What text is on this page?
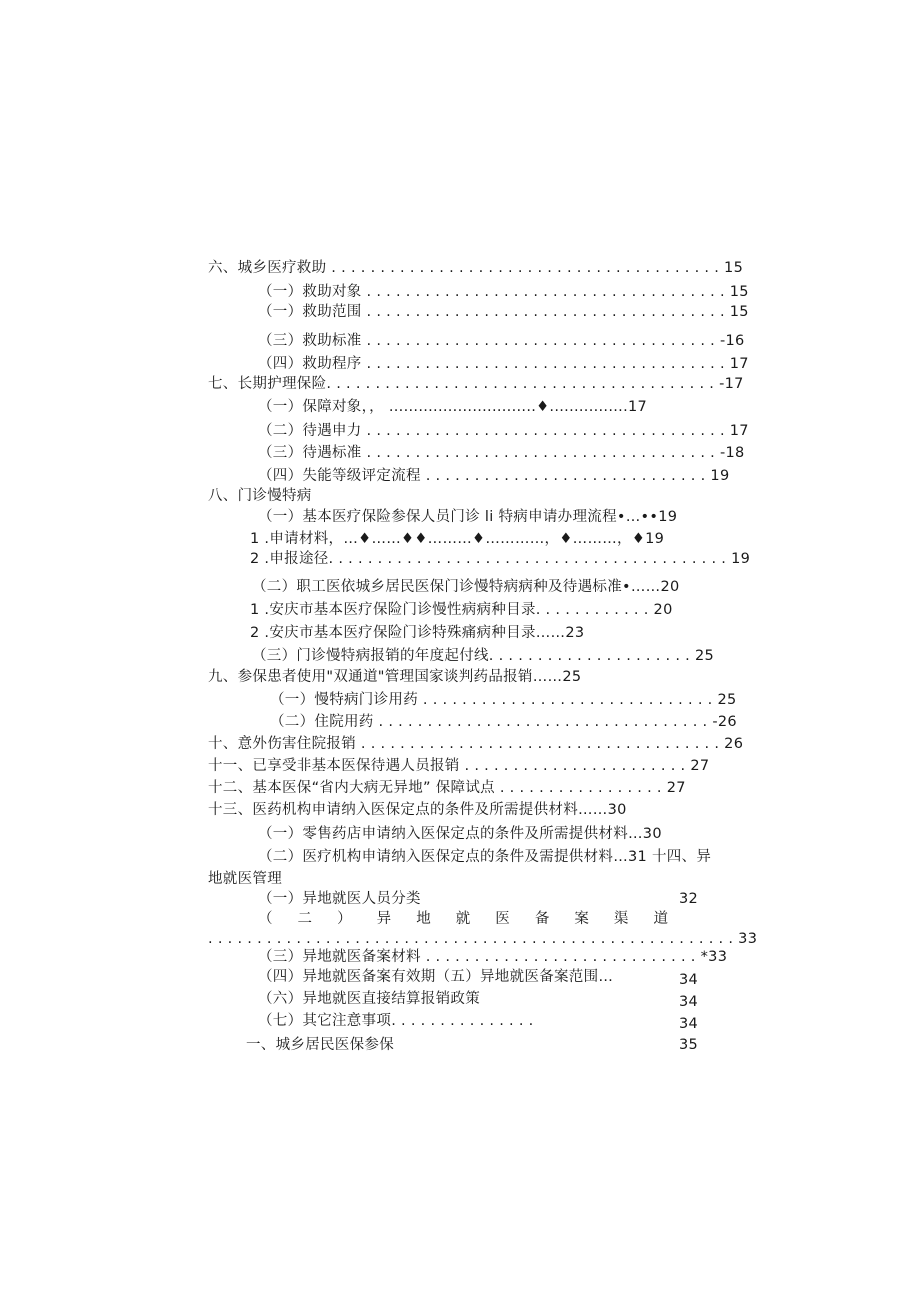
六、城乡医疗救助 . . . . . . . . . . . . . . . . . . . . . . . . . . . . . . . . . . . . . . . . 15
（一）救助对象 . . . . . . . . . . . . . . . . . . . . . . . . . . . . . . . . . . . . . 15
（一）救助范围 . . . . . . . . . . . . . . . . . . . . . . . . . . . . . . . . . . . . . 15
（三）救助标准 . . . . . . . . . . . . . . . . . . . . . . . . . . . . . . . . . . . . -16
（四）救助程序 . . . . . . . . . . . . . . . . . . . . . . . . . . . . . . . . . . . . . 17
七、长期护理保险. . . . . . . . . . . . . . . . . . . . . . . . . . . . . . . . . . . . . . . . -17
（一）保障对象，， ..............................♦................17
（二）待遇申力 . . . . . . . . . . . . . . . . . . . . . . . . . . . . . . . . . . . . . 17
（三）待遇标准 . . . . . . . . . . . . . . . . . . . . . . . . . . . . . . . . . . . . -18
（四）失能等级评定流程 . . . . . . . . . . . . . . . . . . . . . . . . . . . . . 19
八、门诊慢特病
（一）基本医疗保险参保人员门诊 li 特病申请办理流程•…••19
1 .申请材料，…♦……♦♦………♦…………，♦………，♦19
2 .申报途径. . . . . . . . . . . . . . . . . . . . . . . . . . . . . . . . . . . . . . . . . 19
（二）职工医依城乡居民医保门诊慢特病病种及待遇标准•……20
1 .安庆市基本医疗保险门诊慢性病病种目录. . . . . . . . . . . . 20
2 .安庆市基本医疗保险门诊特殊痛病种目录……23
（三）门诊慢特病报销的年度起付线. . . . . . . . . . . . . . . . . . . . . 25
九、参保患者使用"双通道"管理国家谈判药品报销……25
（一）慢特病门诊用药 . . . . . . . . . . . . . . . . . . . . . . . . . . . . . . 25
（二）住院用药 . . . . . . . . . . . . . . . . . . . . . . . . . . . . . . . . . . -26
十、意外伤害住院报销 . . . . . . . . . . . . . . . . . . . . . . . . . . . . . . . . . . . . . 26
十一、已享受非基本医保待遇人员报销 . . . . . . . . . . . . . . . . . . . . . . . 27
十二、基本医保“省内大病无异地” 保障试点 . . . . . . . . . . . . . . . . . 27
十三、医药机构申请纳入医保定点的条件及所需提供材料……30
（一）零售药店申请纳入医保定点的条件及所需提供材料…30
（二）医疗机构申请纳入医保定点的条件及需提供材料…31 十四、异
地就医管理
（一）异地就医人员分类	32
（ 二 ） 异 地 就 医 备 案 渠 道
. . . . . . . . . . . . . . . . . . . . . . . . . . . . . . . . . . . . . . . . . . . . . . . . . . . . . . 33
（三）异地就医备案材料 . . . . . . . . . . . . . . . . . . . . . . . . . . . . *33
（四）异地就医备案有效期（五）异地就医备案范围…	34
（六）异地就医直接结算报销政策	34
（七）其它注意事项. . . . . . . . . . . . . . .	34
一、城乡居民医保参保	35
